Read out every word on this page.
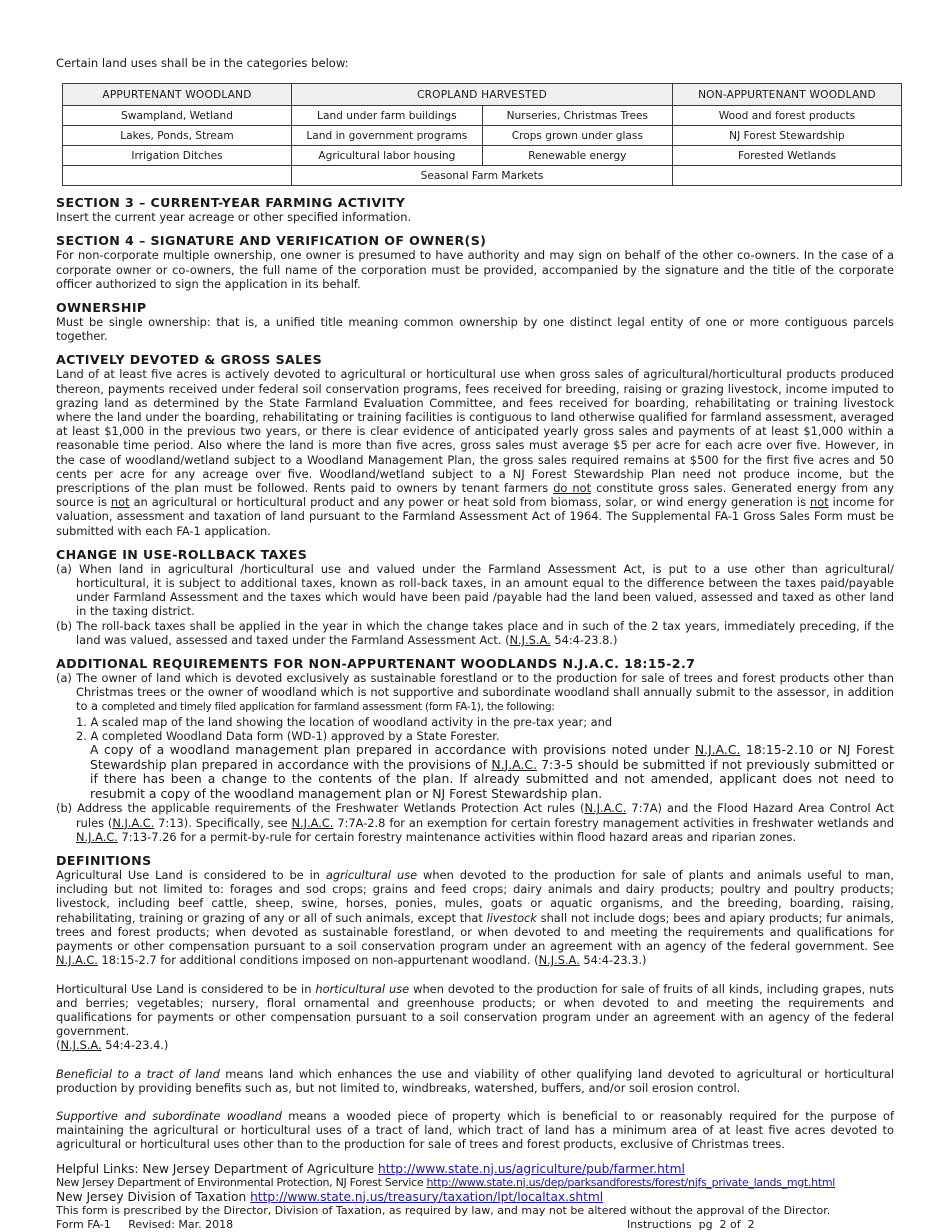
Certain land uses shall be in the categories below:

APPURTENANT WOODLAND	CROPLAND HARVESTED		NON-APPURTENANT WOODLAND
Swampland, Wetland	Land under farm buildings	Nurseries, Christmas Trees	Wood and forest products
Lakes, Ponds, Stream	Land in government programs	Crops grown under glass	NJ Forest Stewardship
Irrigation Ditches	Agricultural labor housing	Renewable energy	Forested Wetlands
	Seasonal Farm Markets		
SECTION 3 – CURRENT-YEAR FARMING ACTIVITY

Insert the current year acreage or other specified information.

SECTION 4 – SIGNATURE AND VERIFICATION OF OWNER(S)

For non-corporate multiple ownership, one owner is presumed to have authority and may sign on behalf of the other co-owners. In the case of a corporate owner or co-owners, the full name of the corporation must be provided, accompanied by the signature and the title of the corporate officer authorized to sign the application in its behalf.

OWNERSHIP

Must be single ownership: that is, a unified title meaning common ownership by one distinct legal entity of one or more contiguous parcels together.

ACTIVELY DEVOTED & GROSS SALES

Land of at least five acres is actively devoted to agricultural or horticultural use when gross sales of agricultural/horticultural products produced thereon, payments received under federal soil conservation programs, fees received for breeding, raising or grazing livestock, income imputed to grazing land as determined by the State Farmland Evaluation Committee, and fees received for boarding, rehabilitating or training livestock where the land under the boarding, rehabilitating or training facilities is contiguous to land otherwise qualified for farmland assessment, averaged at least $1,000 in the previous two years, or there is clear evidence of anticipated yearly gross sales and payments of at least $1,000 within a reasonable time period. Also where the land is more than five acres, gross sales must average $5 per acre for each acre over five. However, in the case of woodland/wetland subject to a Woodland Management Plan, the gross sales required remains at $500 for the first five acres and 50 cents per acre for any acreage over five. Woodland/wetland subject to a NJ Forest Stewardship Plan need not produce income, but the prescriptions of the plan must be followed. Rents paid to owners by tenant farmers do not constitute gross sales. Generated energy from any source is not an agricultural or horticultural product and any power or heat sold from biomass, solar, or wind energy generation is not income for valuation, assessment and taxation of land pursuant to the Farmland Assessment Act of 1964. The Supplemental FA-1 Gross Sales Form must be submitted with each FA-1 application.

CHANGE IN USE-ROLLBACK TAXES
(a) When land in agricultural /horticultural use and valued under the Farmland Assessment Act, is put to a use other than agricultural/ horticultural, it is subject to additional taxes, known as roll-back taxes, in an amount equal to the difference between the taxes paid/payable under Farmland Assessment and the taxes which would have been paid /payable had the land been valued, assessed and taxed as other land in the taxing district.
(b) The roll-back taxes shall be applied in the year in which the change takes place and in such of the 2 tax years, immediately preceding, if the land was valued, assessed and taxed under the Farmland Assessment Act. (N.J.S.A. 54:4-23.8.)
ADDITIONAL REQUIREMENTS FOR NON-APPURTENANT WOODLANDS N.J.A.C. 18:15-2.7
(a) The owner of land which is devoted exclusively as sustainable forestland or to the production for sale of trees and forest products other than Christmas trees or the owner of woodland which is not supportive and subordinate woodland shall annually submit to the assessor, in addition to a completed and timely filed application for farmland assessment (form FA-1), the following:
1. A scaled map of the land showing the location of woodland activity in the pre-tax year; and
2. A completed Woodland Data form (WD-1) approved by a State Forester.
A copy of a woodland management plan prepared in accordance with provisions noted under N.J.A.C. 18:15-2.10 or NJ Forest Stewardship plan prepared in accordance with the provisions of N.J.A.C. 7:3-5 should be submitted if not previously submitted or if there has been a change to the contents of the plan. If already submitted and not amended, applicant does not need to resubmit a copy of the woodland management plan or NJ Forest Stewardship plan.
(b) Address the applicable requirements of the Freshwater Wetlands Protection Act rules (N.J.A.C. 7:7A) and the Flood Hazard Area Control Act rules (N.J.A.C. 7:13). Specifically, see N.J.A.C. 7:7A-2.8 for an exemption for certain forestry management activities in freshwater wetlands and N.J.A.C. 7:13-7.26 for a permit-by-rule for certain forestry maintenance activities within flood hazard areas and riparian zones.
DEFINITIONS

Agricultural Use Land is considered to be in agricultural use when devoted to the production for sale of plants and animals useful to man, including but not limited to: forages and sod crops; grains and feed crops; dairy animals and dairy products; poultry and poultry products; livestock, including beef cattle, sheep, swine, horses, ponies, mules, goats or aquatic organisms, and the breeding, boarding, raising, rehabilitating, training or grazing of any or all of such animals, except that livestock shall not include dogs; bees and apiary products; fur animals, trees and forest products; when devoted as sustainable forestland, or when devoted to and meeting the requirements and qualifications for payments or other compensation pursuant to a soil conservation program under an agreement with an agency of the federal government. See N.J.A.C. 18:15-2.7 for additional conditions imposed on non-appurtenant woodland. (N.J.S.A. 54:4-23.3.)

Horticultural Use Land is considered to be in horticultural use when devoted to the production for sale of fruits of all kinds, including grapes, nuts and berries; vegetables; nursery, floral ornamental and greenhouse products; or when devoted to and meeting the requirements and qualifications for payments or other compensation pursuant to a soil conservation program under an agreement with an agency of the federal government.
(N.J.S.A. 54:4-23.4.)

Beneficial to a tract of land means land which enhances the use and viability of other qualifying land devoted to agricultural or horticultural production by providing benefits such as, but not limited to, windbreaks, watershed, buffers, and/or soil erosion control.

Supportive and subordinate woodland means a wooded piece of property which is beneficial to or reasonably required for the purpose of maintaining the agricultural or horticultural uses of a tract of land, which tract of land has a minimum area of at least five acres devoted to agricultural or horticultural uses other than to the production for sale of trees and forest products, exclusive of Christmas trees.

Helpful Links: New Jersey Department of Agriculture http://www.state.nj.us/agriculture/pub/farmer.html
New Jersey Department of Environmental Protection, NJ Forest Service http://www.state.nj.us/dep/parksandforests/forest/njfs_private_lands_mgt.html
New Jersey Division of Taxation http://www.state.nj.us/treasury/taxation/lpt/localtax.shtml
This form is prescribed by the Director, Division of Taxation, as required by law, and may not be altered without the approval of the Director.
Form FA-1     Revised: Mar. 2018	Instructions  pg  2 of  2
